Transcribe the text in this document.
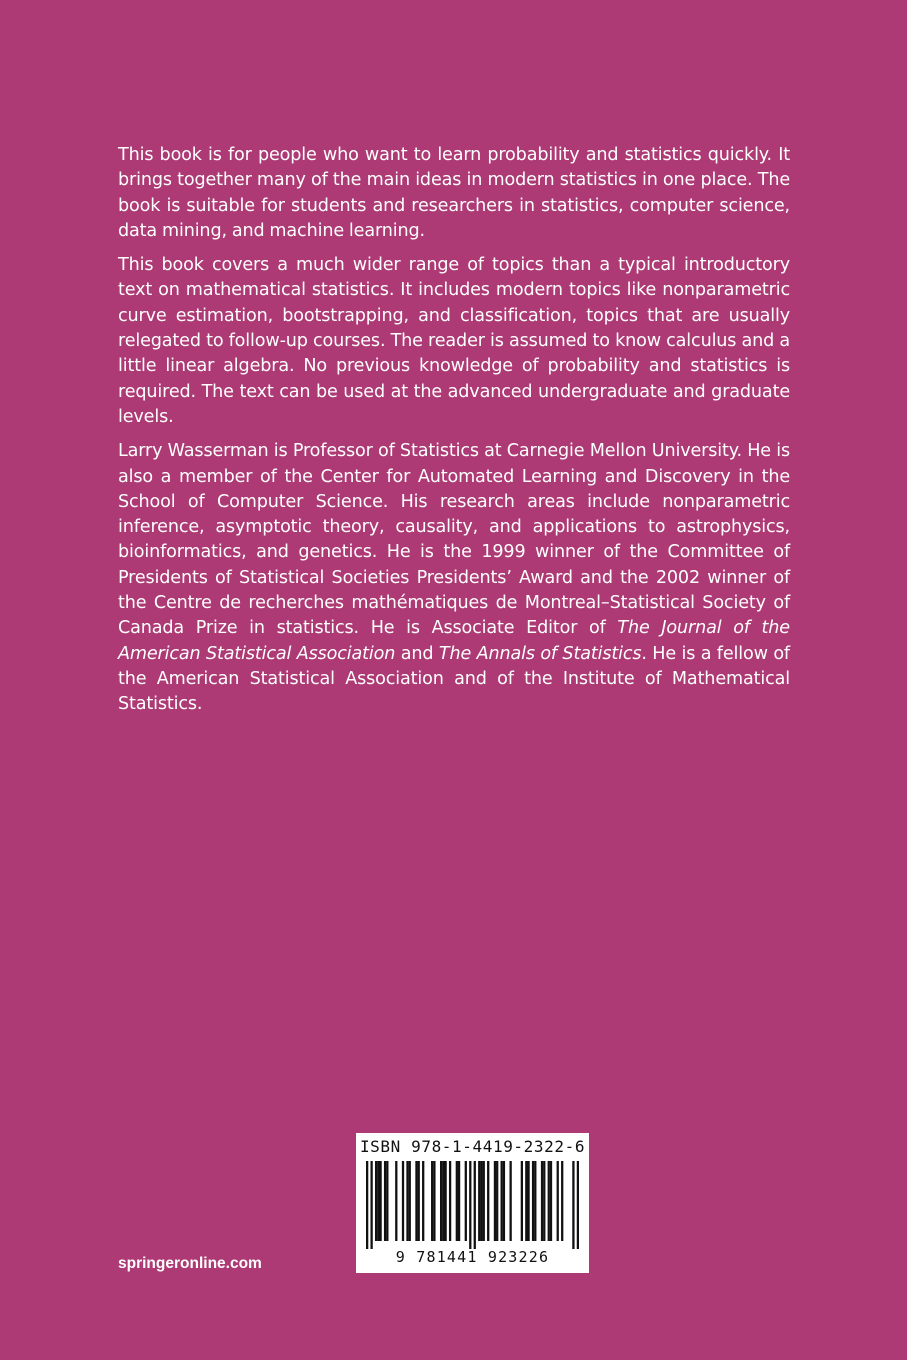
This book is for people who want to learn probability and statistics quickly. It brings together many of the main ideas in modern statistics in one place. The book is suitable for students and researchers in statistics, computer science, data mining, and machine learning.

This book covers a much wider range of topics than a typical introductory text on mathematical statistics. It includes modern topics like nonparametric curve estimation, bootstrapping, and classification, topics that are usually relegated to follow-up courses. The reader is assumed to know calculus and a little linear algebra. No previous knowledge of probability and statistics is required. The text can be used at the advanced undergraduate and graduate levels.

Larry Wasserman is Professor of Statistics at Carnegie Mellon University. He is also a member of the Center for Automated Learning and Discovery in the School of Computer Science. His research areas include nonparametric inference, asymptotic theory, causality, and applications to astrophysics, bioinformatics, and genetics. He is the 1999 winner of the Committee of Presidents of Statistical Societies Presidents’ Award and the 2002 winner of the Centre de recherches mathématiques de Montreal–Statistical Society of Canada Prize in statistics. He is Associate Editor of The Journal of the American Statistical Association and The Annals of Statistics. He is a fellow of the American Statistical Association and of the Institute of Mathematical Statistics.

ISBN 978-1-4419-2322-6
9 781441 923226
springeronline.com
